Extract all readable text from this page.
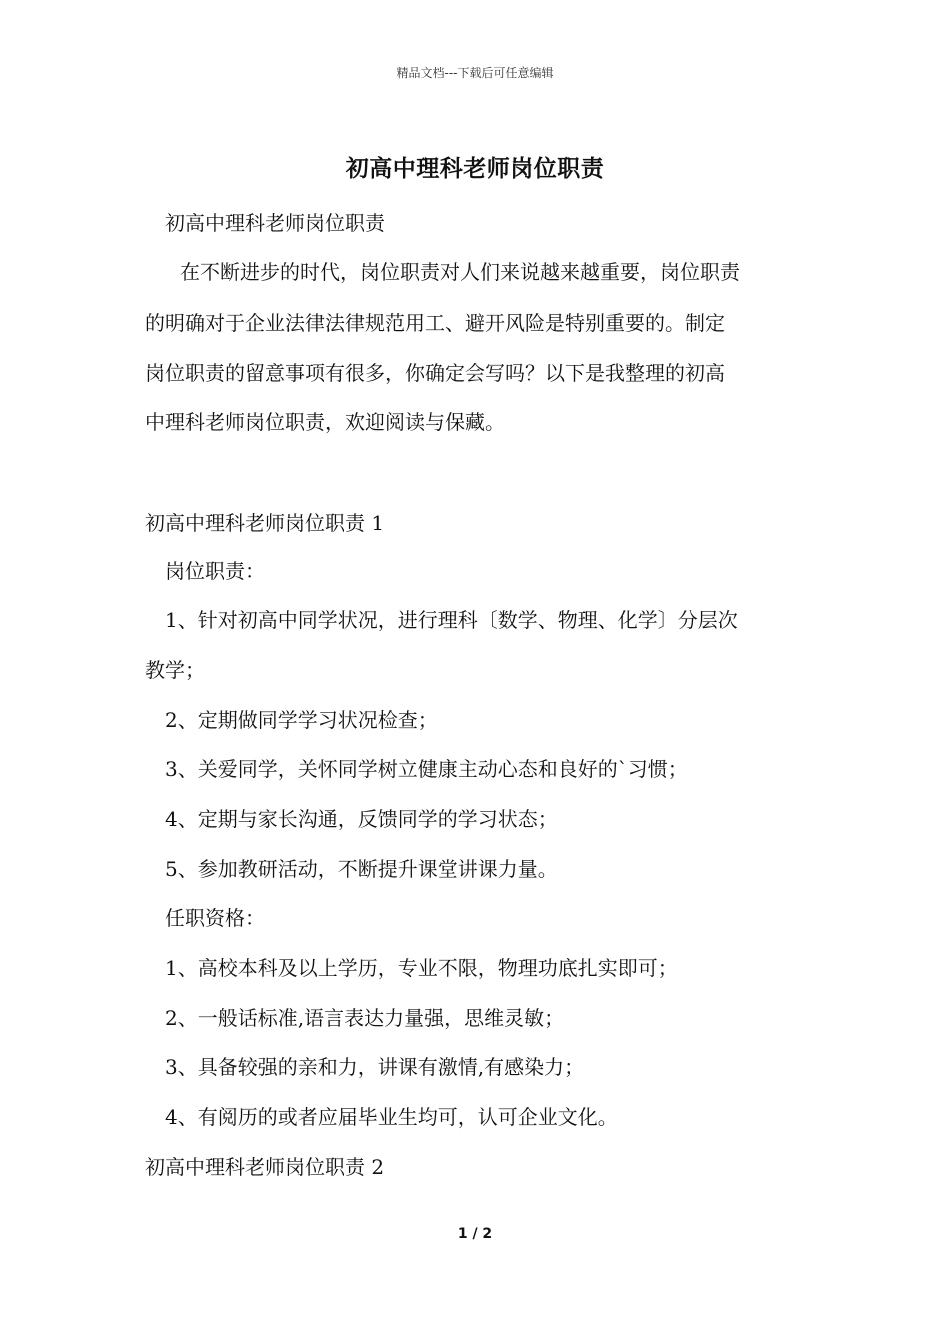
精品文档---下载后可任意编辑
初高中理科老师岗位职责
初高中理科老师岗位职责
在不断进步的时代，岗位职责对人们来说越来越重要，岗位职责
的明确对于企业法律法律规范用工、避开风险是特别重要的。制定
岗位职责的留意事项有很多，你确定会写吗？以下是我整理的初高
中理科老师岗位职责，欢迎阅读与保藏。
初高中理科老师岗位职责 1
岗位职责：
1、针对初高中同学状况，进行理科〔数学、物理、化学〕分层次
教学；
2、定期做同学学习状况检查；
3、关爱同学，关怀同学树立健康主动心态和良好的`习惯；
4、定期与家长沟通，反馈同学的学习状态；
5、参加教研活动，不断提升课堂讲课力量。
任职资格：
1、高校本科及以上学历，专业不限，物理功底扎实即可；
2、一般话标准,语言表达力量强，思维灵敏；
3、具备较强的亲和力，讲课有激情,有感染力；
4、有阅历的或者应届毕业生均可，认可企业文化。
初高中理科老师岗位职责 2
1 / 2
